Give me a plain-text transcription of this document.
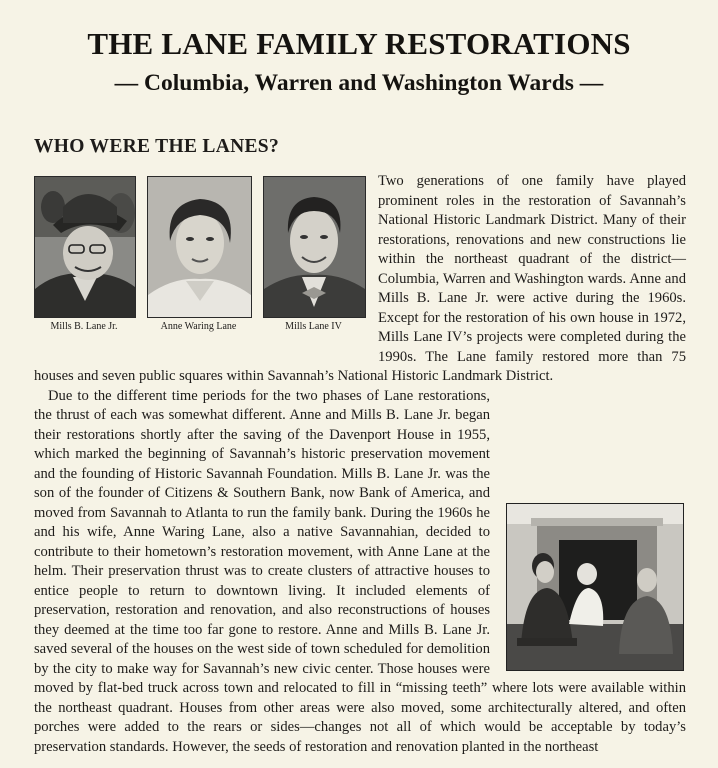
THE LANE FAMILY RESTORATIONS
— Columbia, Warren and Washington Wards —
WHO WERE THE LANES?
Mills B. Lane Jr.	Anne Waring Lane	Mills Lane IV

Two generations of one family have played prominent roles in the restoration of Savannah’s National Historic Landmark District. Many of their restorations, renovations and new constructions lie within the northeast quadrant of the district—Columbia, Warren and Washington wards. Anne and Mills B. Lane Jr. were active during the 1960s. Except for the restoration of his own house in 1972, Mills Lane IV’s projects were completed during the 1990s. The Lane family restored more than 75 houses and seven public squares within Savannah’s National Historic Landmark District.

Due to the different time periods for the two phases of Lane restorations, the thrust of each was somewhat different. Anne and Mills B. Lane Jr. began their restorations shortly after the saving of the Davenport House in 1955, which marked the beginning of Savannah’s historic preservation movement and the founding of Historic Savannah Foundation. Mills B. Lane Jr. was the son of the founder of Citizens & Southern Bank, now Bank of America, and moved from Savannah to Atlanta to run the family bank. During the 1960s he and his wife, Anne Waring Lane, also a native Savannahian, decided to contribute to their hometown’s restoration movement, with Anne Lane at the helm. Their preservation thrust was to create clusters of attractive houses to entice people to return to downtown living. It included elements of preservation, restoration and renovation, and also reconstructions of houses they deemed at the time too far gone to restore. Anne and Mills B. Lane Jr. saved several of the houses on the west side of town scheduled for demolition by the city to make way for Savannah’s new civic center. Those houses were moved by flat-bed truck across town and relocated to fill in “missing teeth” where lots were available within the northeast quadrant. Houses from other areas were also moved, some architecturally altered, and often porches were added to the rears or sides—changes not all of which would be acceptable by today’s preservation standards. However, the seeds of restoration and renovation planted in the northeast
